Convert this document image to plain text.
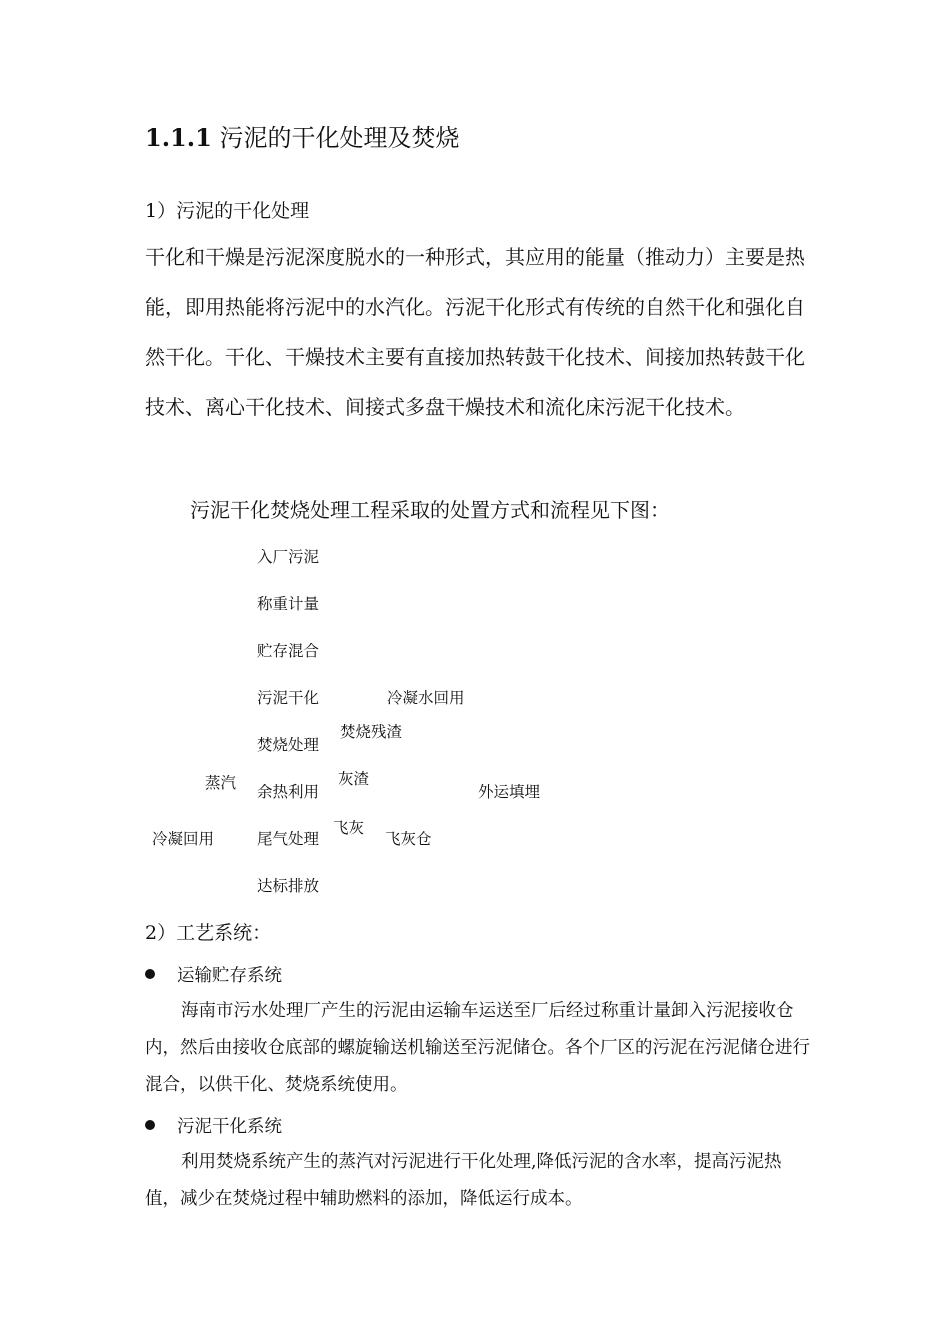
1.1.1 污泥的干化处理及焚烧
1）污泥的干化处理

干化和干燥是污泥深度脱水的一种形式，其应用的能量（推动力）主要是热能，即用热能将污泥中的水汽化。污泥干化形式有传统的自然干化和强化自然干化。干化、干燥技术主要有直接加热转鼓干化技术、间接加热转鼓干化技术、离心干化技术、间接式多盘干燥技术和流化床污泥干化技术。

污泥干化焚烧处理工程采取的处置方式和流程见下图：
入厂污泥
称重计量
贮存混合
污泥干化
焚烧处理
余热利用
尾气处理
达标排放
冷凝水回用
焚烧残渣
蒸汽	灰渣
外运填埋
冷凝回用
飞灰
飞灰仓
2）工艺系统：
运输贮存系统

海南市污水处理厂产生的污泥由运输车运送至厂后经过称重计量卸入污泥接收仓内，然后由接收仓底部的螺旋输送机输送至污泥储仓。各个厂区的污泥在污泥储仓进行混合，以供干化、焚烧系统使用。

污泥干化系统

利用焚烧系统产生的蒸汽对污泥进行干化处理,降低污泥的含水率，提高污泥热值，减少在焚烧过程中辅助燃料的添加，降低运行成本。
